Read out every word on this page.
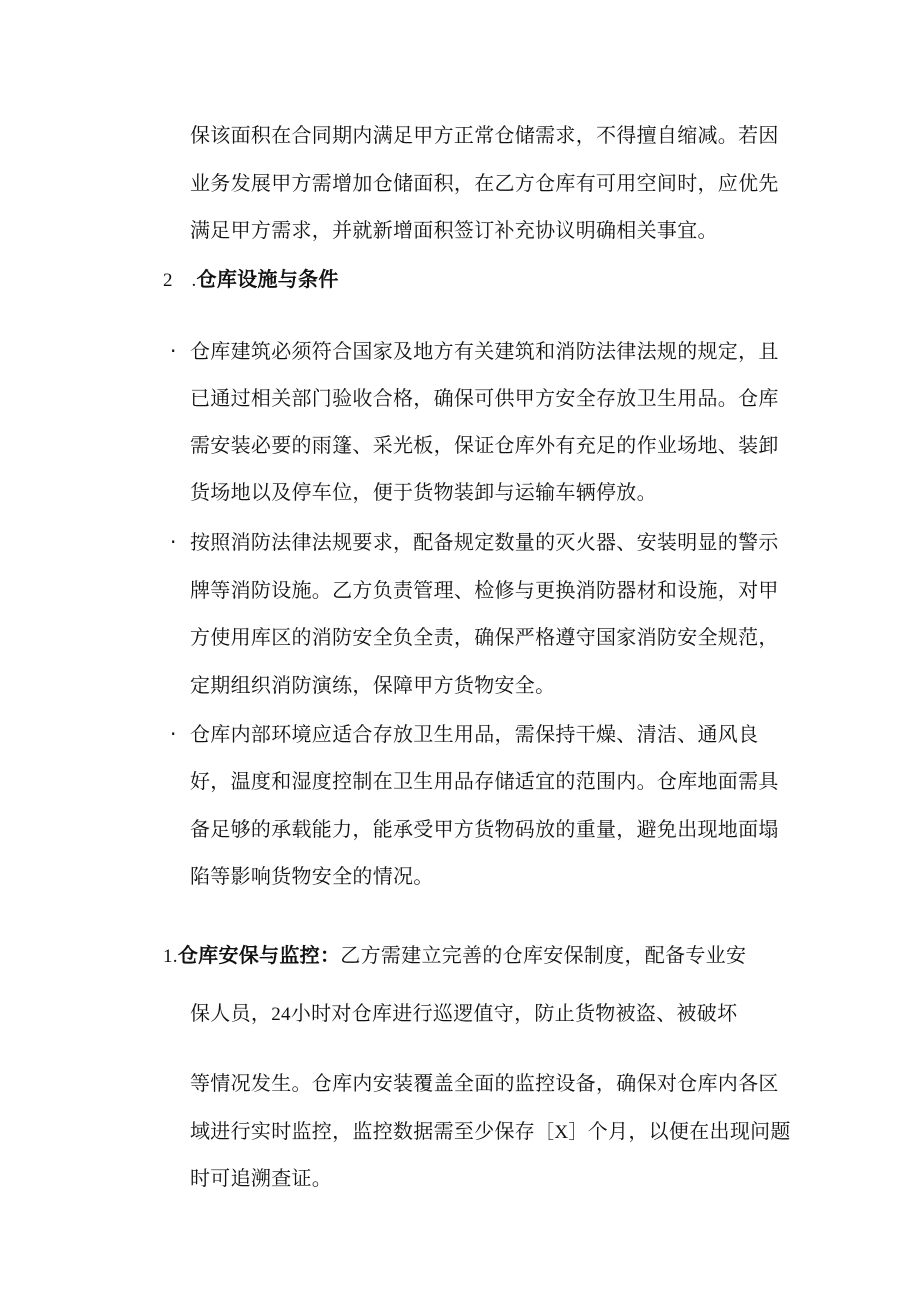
保该面积在合同期内满足甲方正常仓储需求，不得擅自缩减。若因
业务发展甲方需增加仓储面积，在乙方仓库有可用空间时，应优先
满足甲方需求，并就新增面积签订补充协议明确相关事宜。
2 .仓库设施与条件
· 仓库建筑必须符合国家及地方有关建筑和消防法律法规的规定，且
已通过相关部门验收合格，确保可供甲方安全存放卫生用品。仓库
需安装必要的雨篷、采光板，保证仓库外有充足的作业场地、装卸
货场地以及停车位，便于货物装卸与运输车辆停放。
· 按照消防法律法规要求，配备规定数量的灭火器、安装明显的警示
牌等消防设施。乙方负责管理、检修与更换消防器材和设施，对甲
方使用库区的消防安全负全责，确保严格遵守国家消防安全规范，
定期组织消防演练，保障甲方货物安全。
· 仓库内部环境应适合存放卫生用品，需保持干燥、清洁、通风良
好，温度和湿度控制在卫生用品存储适宜的范围内。仓库地面需具
备足够的承载能力，能承受甲方货物码放的重量，避免出现地面塌
陷等影响货物安全的情况。
1.仓库安保与监控：乙方需建立完善的仓库安保制度，配备专业安
保人员，24小时对仓库进行巡逻值守，防止货物被盗、被破坏
等情况发生。仓库内安装覆盖全面的监控设备，确保对仓库内各区
域进行实时监控，监控数据需至少保存［X］个月，以便在出现问题
时可追溯查证。
